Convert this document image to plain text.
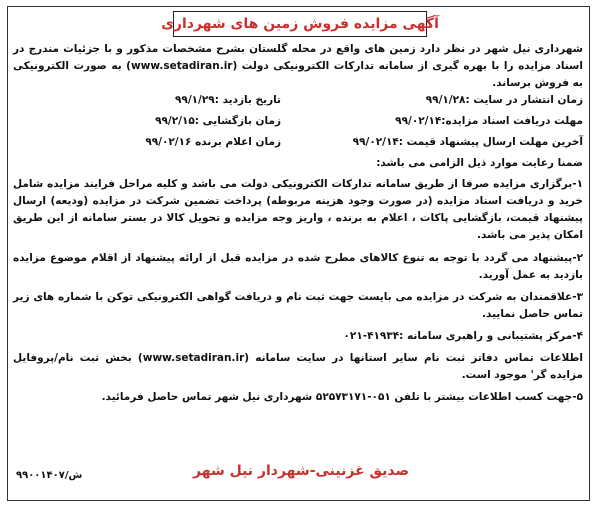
آگهی مزایده فروش زمین های شهرداری
شهرداری نیل شهر در نظر دارد زمین های واقع در محله گلستان بشرح مشخصات مذکور و با جزئیات مندرج در اسناد مزایده را با بهره گیری از سامانه تدارکات الکترونیکی دولت (www.setadiran.ir) به صورت الکترونیکی به فروش برساند.
زمان انتشار در سایت :۹۹/۱/۲۸
تاریخ بازدید :۹۹/۱/۲۹
مهلت دریافت اسناد مزایده:۹۹/۰۲/۱۴
زمان بازگشایی :۹۹/۲/۱۵
آخرین مهلت ارسال پیشنهاد قیمت :۹۹/۰۲/۱۴
زمان اعلام برنده ۹۹/۰۲/۱۶
ضمنا رعایت موارد ذیل الزامی می باشد:
۱-برگزاری مزایده صرفا از طریق سامانه تدارکات الکترونیکی دولت می باشد و کلیه مراحل فرایند مزایده شامل خرید و دریافت اسناد مزایده (در صورت وجود هزینه مربوطه) پرداخت تضمین شرکت در مزایده (ودیعه) ارسال پیشنهاد قیمت، بازگشایی پاکات ، اعلام به برنده ، واریز وجه مزایده و تحویل کالا در بستر سامانه از این طریق امکان پذیر می باشد.
۲-پیشنهاد می گردد با توجه به تنوع کالاهای مطرح شده در مزایده قبل از ارائه پیشنهاد از اقلام موضوع مزایده بازدید به عمل آورید.
۳-علاقمندان به شرکت در مزایده می بایست جهت ثبت نام و دریافت گواهی الکترونیکی توکن با شماره های زیر تماس حاصل نمایید.
۴-مرکز پشتیبانی و راهبری سامانه :۴۱۹۳۴-۰۲۱
اطلاعات تماس دفاتر ثبت نام سایر استانها در سایت سامانه (www.setadiran.ir) بخش ثبت نام/پروفایل مزایده گر' موجود است.
۵-جهت کسب اطلاعات بیشتر با تلفن ۰۵۱-۵۲۵۷۳۱۷۱ شهرداری نیل شهر تماس حاصل فرمائید.
۹۹۰۰۱۴۰۷/ش	صدیق غزنینی-شهردار نیل شهر
